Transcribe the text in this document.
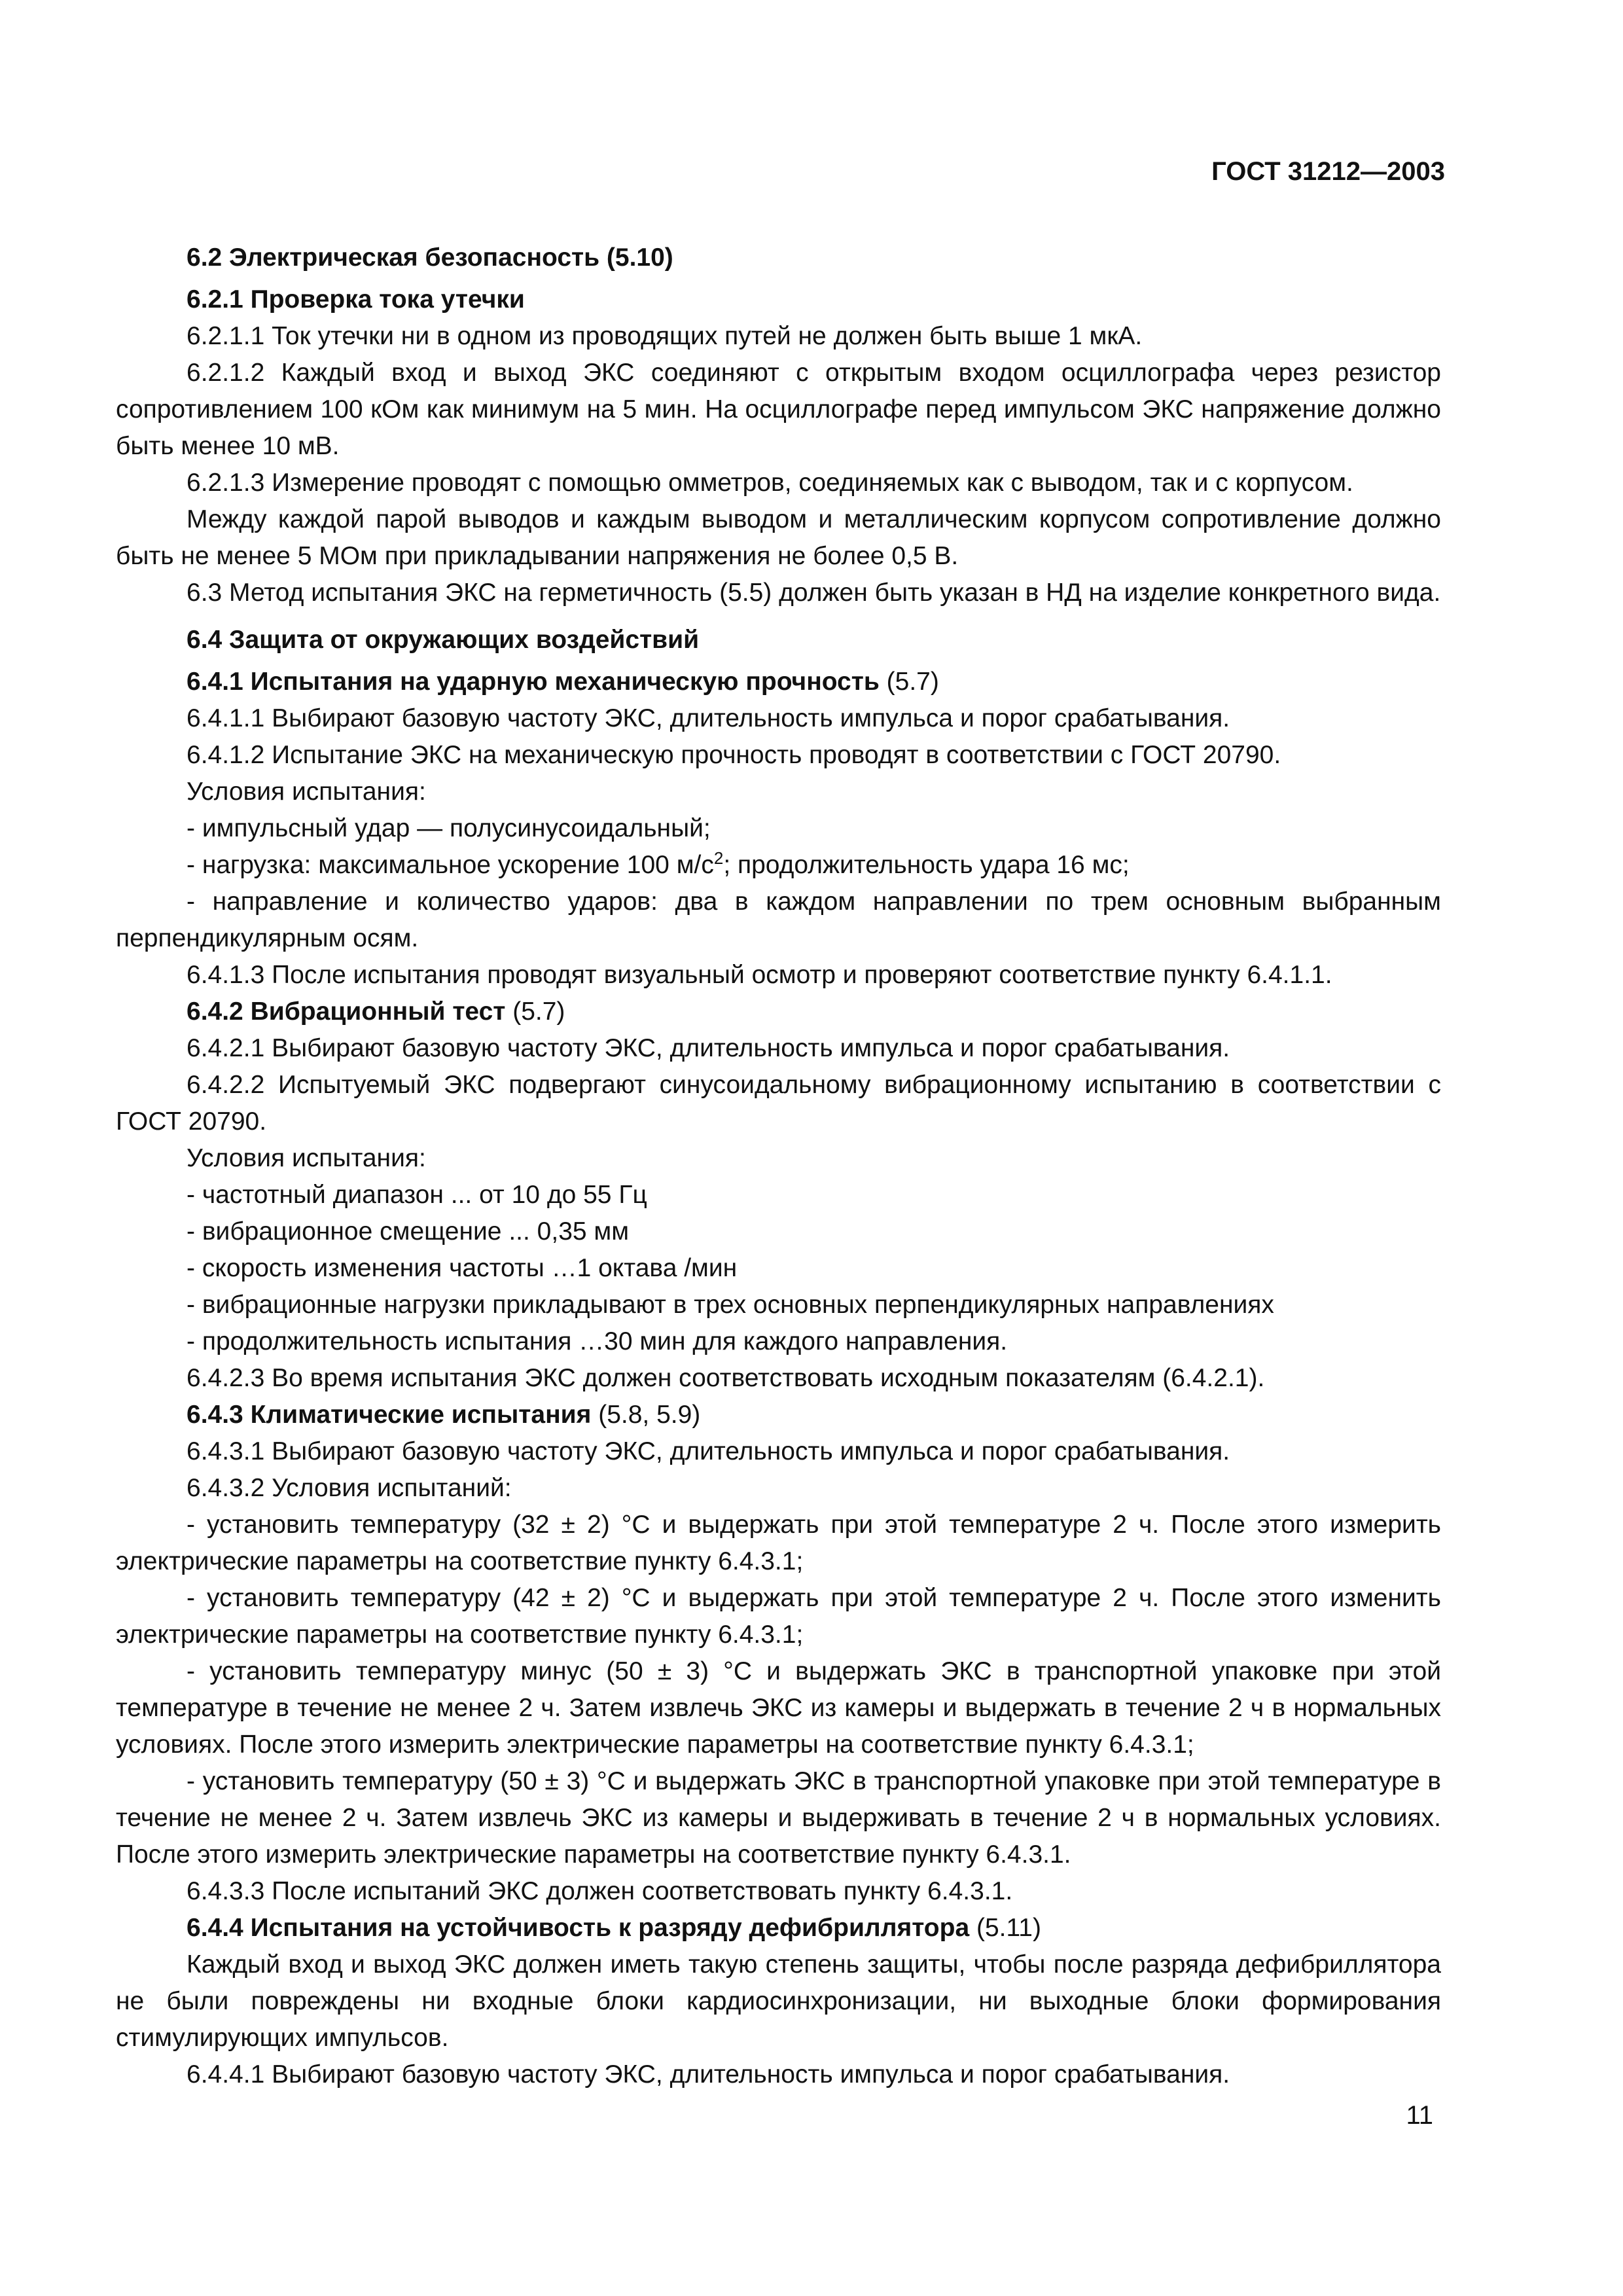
ГОСТ 31212—2003

6.2 Электрическая безопасность (5.10)

6.2.1 Проверка тока утечки

6.2.1.1 Ток утечки ни в одном из проводящих путей не должен быть выше 1 мкА.

6.2.1.2 Каждый вход и выход ЭКС соединяют с открытым входом осциллографа через резистор сопротивлением 100 кОм как минимум на 5 мин. На осциллографе перед импульсом ЭКС напряжение должно быть менее 10 мВ.

6.2.1.3 Измерение проводят с помощью омметров, соединяемых как с выводом, так и с корпусом.

Между каждой парой выводов и каждым выводом и металлическим корпусом сопротивление должно быть не менее 5 МОм при прикладывании напряжения не более 0,5 В.

6.3 Метод испытания ЭКС на герметичность (5.5) должен быть указан в НД на изделие конкретного вида.

6.4 Защита от окружающих воздействий

6.4.1 Испытания на ударную механическую прочность (5.7)

6.4.1.1 Выбирают базовую частоту ЭКС, длительность импульса и порог срабатывания.

6.4.1.2 Испытание ЭКС на механическую прочность проводят в соответствии с ГОСТ 20790.

Условия испытания:

- импульсный удар — полусинусоидальный;

- нагрузка: максимальное ускорение 100 $м/с^2$; продолжительность удара 16 мс;

- направление и количество ударов: два в каждом направлении по трем основным выбранным перпендикулярным осям.

6.4.1.3 После испытания проводят визуальный осмотр и проверяют соответствие пункту 6.4.1.1.

6.4.2 Вибрационный тест (5.7)

6.4.2.1 Выбирают базовую частоту ЭКС, длительность импульса и порог срабатывания.

6.4.2.2 Испытуемый ЭКС подвергают синусоидальному вибрационному испытанию в соответствии с ГОСТ 20790.

Условия испытания:

- частотный диапазон ... от 10 до 55 Гц

- вибрационное смещение ... 0,35 мм

- скорость изменения частоты …1 октава /мин

- вибрационные нагрузки прикладывают в трех основных перпендикулярных направлениях

- продолжительность испытания …30 мин для каждого направления.

6.4.2.3 Во время испытания ЭКС должен соответствовать исходным показателям (6.4.2.1).

6.4.3 Климатические испытания (5.8, 5.9)

6.4.3.1 Выбирают базовую частоту ЭКС, длительность импульса и порог срабатывания.

6.4.3.2 Условия испытаний:

- установить температуру (32 ± 2) °С и выдержать при этой температуре 2 ч. После этого измерить электрические параметры на соответствие пункту 6.4.3.1;

- установить температуру (42 ± 2) °С и выдержать при этой температуре 2 ч. После этого изменить электрические параметры на соответствие пункту 6.4.3.1;

- установить температуру минус (50 ± 3) °С и выдержать ЭКС в транспортной упаковке при этой температуре в течение не менее 2 ч. Затем извлечь ЭКС из камеры и выдержать в течение 2 ч в нормальных условиях. После этого измерить электрические параметры на соответствие пункту 6.4.3.1;

- установить температуру (50 ± 3) °С и выдержать ЭКС в транспортной упаковке при этой температуре в течение не менее 2 ч. Затем извлечь ЭКС из камеры и выдерживать в течение 2 ч в нормальных условиях. После этого измерить электрические параметры на соответствие пункту 6.4.3.1.

6.4.3.3 После испытаний ЭКС должен соответствовать пункту 6.4.3.1.

6.4.4 Испытания на устойчивость к разряду дефибриллятора (5.11)

Каждый вход и выход ЭКС должен иметь такую степень защиты, чтобы после разряда дефибриллятора не были повреждены ни входные блоки кардиосинхронизации, ни выходные блоки формирования стимулирующих импульсов.

6.4.4.1 Выбирают базовую частоту ЭКС, длительность импульса и порог срабатывания.

11
